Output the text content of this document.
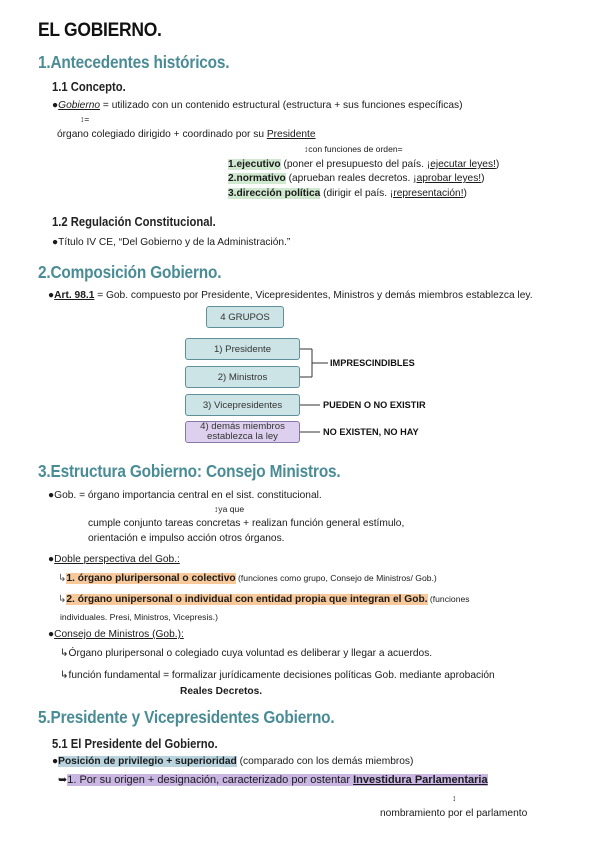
EL GOBIERNO.
1.Antecedentes históricos.
1.1 Concepto.
●Gobierno = utilizado con un contenido estructural (estructura + sus funciones específicas)
↕=
órgano colegiado dirigido + coordinado por su Presidente
↕con funciones de orden=
1.ejecutivo (poner el presupuesto del país. ¡ejecutar leyes!)
2.normativo (aprueban reales decretos. ¡aprobar leyes!)
3.dirección política (dirigir el país. ¡representación!)
1.2 Regulación Constitucional.
●Título IV CE, “Del Gobierno y de la Administración.”
2.Composición Gobierno.
●Art. 98.1 = Gob. compuesto por Presidente, Vicepresidentes, Ministros y demás miembros establezca ley.
4 GRUPOS
1) Presidente
2) Ministros
3) Vicepresidentes
4) demás miembros establezca la ley
IMPRESCINDIBLES
PUEDEN O NO EXISTIR
NO EXISTEN, NO HAY
3.Estructura Gobierno: Consejo Ministros.
●Gob. = órgano importancia central en el sist. constitucional.
↕ya que
cumple conjunto tareas concretas + realizan función general estímulo,
orientación e impulso acción otros órganos.
●Doble perspectiva del Gob.:
↳1. órgano pluripersonal o colectivo (funciones como grupo, Consejo de Ministros/ Gob.)
↳2. órgano unipersonal o individual con entidad propia que integran el Gob. (funciones
individuales. Presi, Ministros, Vicepresis.)
●Consejo de Ministros (Gob.):
↳Órgano pluripersonal o colegiado cuya voluntad es deliberar y llegar a acuerdos.
↳función fundamental = formalizar jurídicamente decisiones políticas Gob. mediante aprobación
Reales Decretos.
5.Presidente y Vicepresidentes Gobierno.
5.1 El Presidente del Gobierno.
●Posición de privilegio + superioridad (comparado con los demás miembros)
➥1. Por su origen + designación, caracterizado por ostentar Investidura Parlamentaria
↕
nombramiento por el parlamento
